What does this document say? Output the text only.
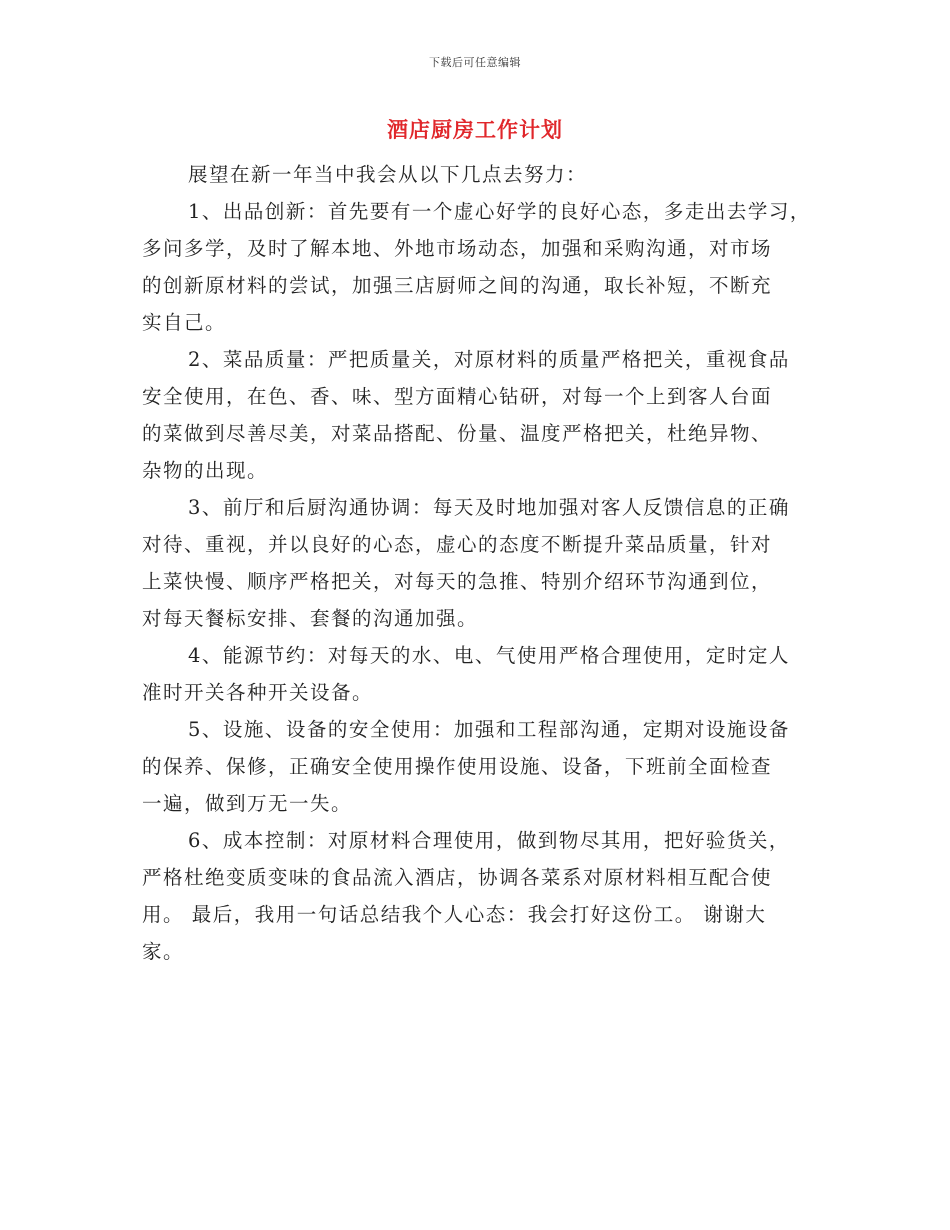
下载后可任意编辑
酒店厨房工作计划

展望在新一年当中我会从以下几点去努力：

1、出品创新：首先要有一个虚心好学的良好心态，多走出去学习，
多问多学，及时了解本地、外地市场动态，加强和采购沟通，对市场
的创新原材料的尝试，加强三店厨师之间的沟通，取长补短，不断充
实自己。

2、菜品质量：严把质量关，对原材料的质量严格把关，重视食品
安全使用，在色、香、味、型方面精心钻研，对每一个上到客人台面
的菜做到尽善尽美，对菜品搭配、份量、温度严格把关，杜绝异物、
杂物的出现。

3、前厅和后厨沟通协调：每天及时地加强对客人反馈信息的正确
对待、重视，并以良好的心态，虚心的态度不断提升菜品质量，针对
上菜快慢、顺序严格把关，对每天的急推、特别介绍环节沟通到位，
对每天餐标安排、套餐的沟通加强。

4、能源节约：对每天的水、电、气使用严格合理使用，定时定人
准时开关各种开关设备。

5、设施、设备的安全使用：加强和工程部沟通，定期对设施设备
的保养、保修，正确安全使用操作使用设施、设备，下班前全面检查
一遍，做到万无一失。

6、成本控制：对原材料合理使用，做到物尽其用，把好验货关，
严格杜绝变质变味的食品流入酒店，协调各菜系对原材料相互配合使
用。 最后，我用一句话总结我个人心态：我会打好这份工。 谢谢大
家。
